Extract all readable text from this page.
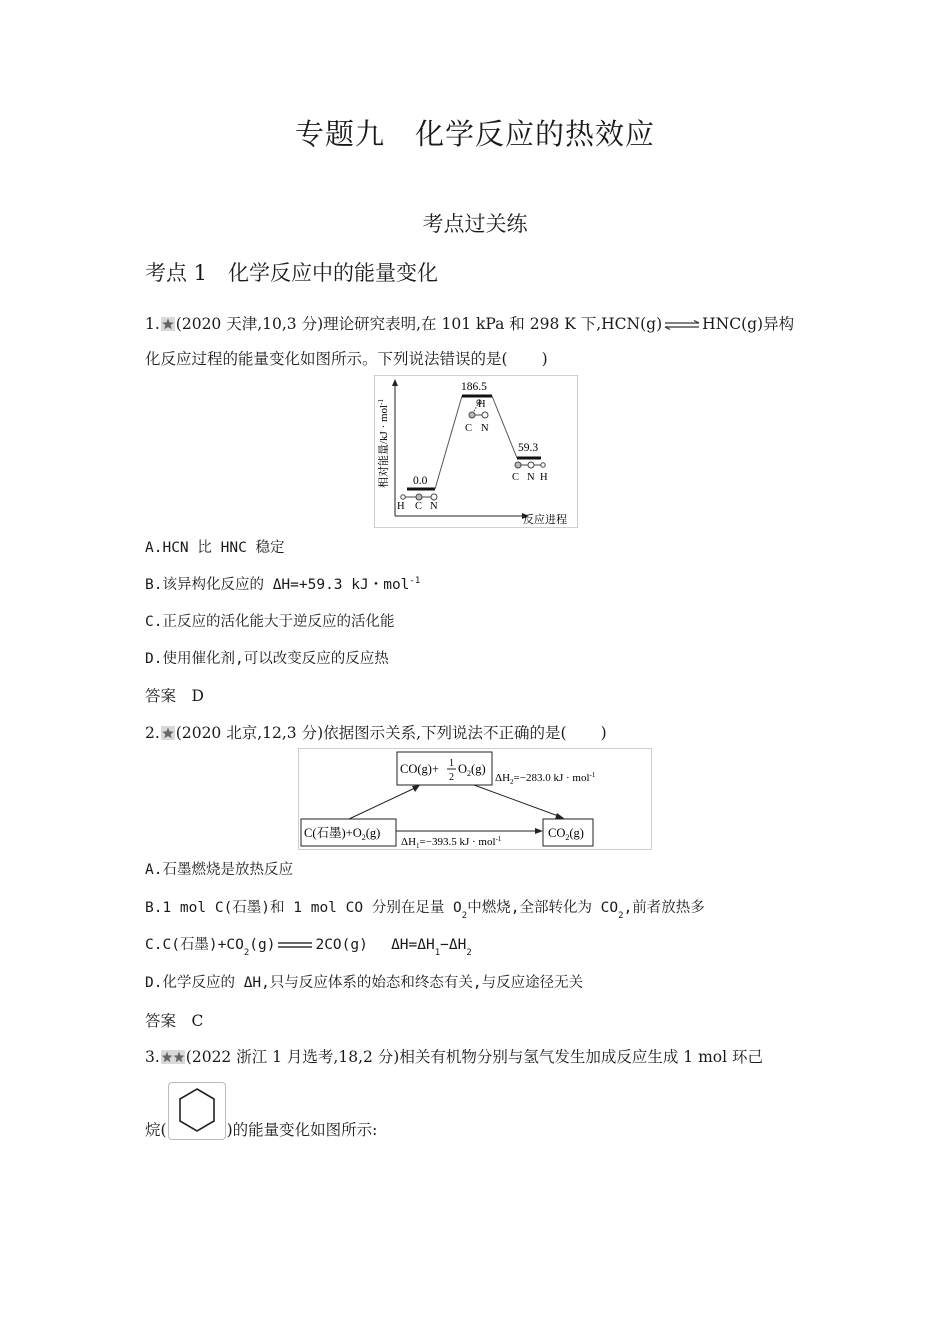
专题九　化学反应的热效应
考点过关练
考点 1　化学反应中的能量变化
1. (2020 天津,10,3 分)理论研究表明,在 101 kPa 和 298 K 下,HCN(g) ⇌ HNC(g)异构
化反应过程的能量变化如图所示。下列说法错误的是( )
相对能量/kJ · mol$^{-1}$
反应进程
0.0
186.5
59.3
H C N
H
C N
C N H
A.HCN 比 HNC 稳定
B.该异构化反应的 ΔH=+59.3 kJ・mol$^{-1}$
C.正反应的活化能大于逆反应的活化能
D.使用催化剂,可以改变反应的反应热
答案　D
2. (2020 北京,12,3 分)依据图示关系,下列说法不正确的是( )
CO(g)+ 1
2
$O_2(g)$
C(石墨)$+O_2(g)$	$CO_2(g)$
$\Delta H_2=-283.0$ kJ · mol$^{-1}$
$\Delta H_1=-393.5$ kJ · mol$^{-1}$
A.石墨燃烧是放热反应
B.1 mol C(石墨)和 1 mol CO 分别在足量 $O_2$中燃烧,全部转化为 $CO_2$,前者放热多
C.C(石墨)$+CO_2(g)$	2CO(g)　 $\Delta H=\Delta H_1-\Delta H_2$
D.化学反应的 ΔH,只与反应体系的始态和终态有关,与反应途径无关
答案　C
3. (2022 浙江 1 月选考,18,2 分)相关有机物分别与氢气发生加成反应生成 1 mol 环己
烷(	)的能量变化如图所示:
